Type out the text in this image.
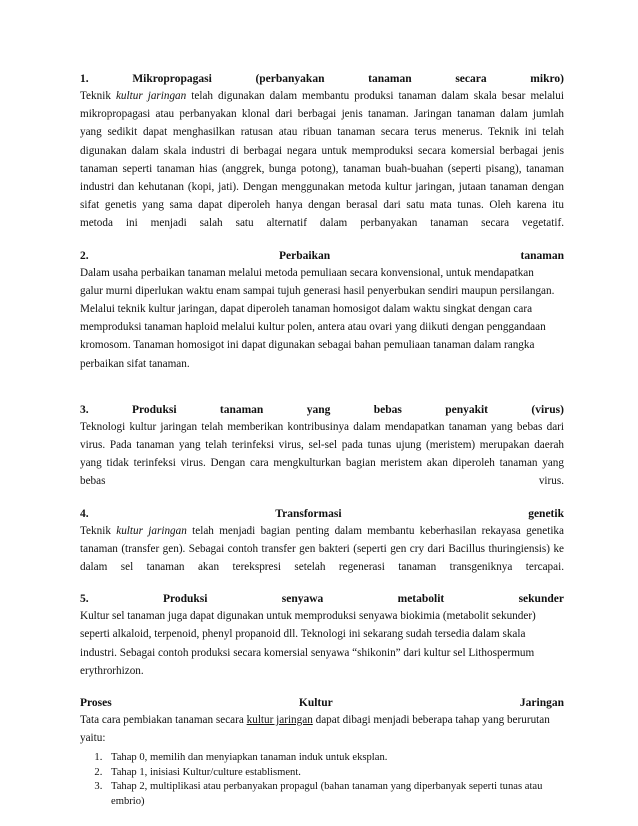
1.	Mikropropagasi	(perbanyakan	tanaman	secara	mikro)
Teknik kultur jaringan telah digunakan dalam membantu produksi tanaman dalam skala besar melalui
mikropropagasi atau perbanyakan klonal dari berbagai jenis tanaman. Jaringan tanaman dalam jumlah
yang sedikit dapat menghasilkan ratusan atau ribuan tanaman secara terus menerus. Teknik ini telah
digunakan dalam skala industri di berbagai negara untuk memproduksi secara komersial berbagai jenis
tanaman seperti tanaman hias (anggrek, bunga potong), tanaman buah-buahan (seperti pisang), tanaman
industri dan kehutanan (kopi, jati). Dengan menggunakan metoda kultur jaringan, jutaan tanaman dengan
sifat genetis yang sama dapat diperoleh hanya dengan berasal dari satu mata tunas. Oleh karena itu
metoda ini menjadi salah satu alternatif dalam perbanyakan tanaman secara vegetatif.
2.	Perbaikan	tanaman
Dalam usaha perbaikan tanaman melalui metoda pemuliaan secara konvensional, untuk mendapatkan
galur murni diperlukan waktu enam sampai tujuh generasi hasil penyerbukan sendiri maupun persilangan.
Melalui teknik kultur jaringan, dapat diperoleh tanaman homosigot dalam waktu singkat dengan cara
memproduksi tanaman haploid melalui kultur polen, antera atau ovari yang diikuti dengan penggandaan
kromosom. Tanaman homosigot ini dapat digunakan sebagai bahan pemuliaan tanaman dalam rangka
perbaikan sifat tanaman.
3.	Produksi	tanaman	yang	bebas	penyakit	(virus)
Teknologi kultur jaringan telah memberikan kontribusinya dalam mendapatkan tanaman yang bebas dari
virus. Pada tanaman yang telah terinfeksi virus, sel-sel pada tunas ujung (meristem) merupakan daerah
yang tidak terinfeksi virus. Dengan cara mengkulturkan bagian meristem akan diperoleh tanaman yang
bebas virus.
4.	Transformasi	genetik
Teknik kultur jaringan telah menjadi bagian penting dalam membantu keberhasilan rekayasa genetika
tanaman (transfer gen). Sebagai contoh transfer gen bakteri (seperti gen cry dari Bacillus thuringiensis) ke
dalam sel tanaman akan terekspresi setelah regenerasi tanaman transgeniknya tercapai.
5.	Produksi	senyawa	metabolit	sekunder
Kultur sel tanaman juga dapat digunakan untuk memproduksi senyawa biokimia (metabolit sekunder)
seperti alkaloid, terpenoid, phenyl propanoid dll. Teknologi ini sekarang sudah tersedia dalam skala
industri. Sebagai contoh produksi secara komersial senyawa “shikonin” dari kultur sel Lithospermum
erythrorhizon.
Proses	Kultur	Jaringan
Tata cara pembiakan tanaman secara kultur jaringan dapat dibagi menjadi beberapa tahap yang berurutan
yaitu:
1. Tahap 0, memilih dan menyiapkan tanaman induk untuk eksplan.
2. Tahap 1, inisiasi Kultur/culture establisment.
3. Tahap 2, multiplikasi atau perbanyakan propagul (bahan tanaman yang diperbanyak seperti tunas atau embrio)
